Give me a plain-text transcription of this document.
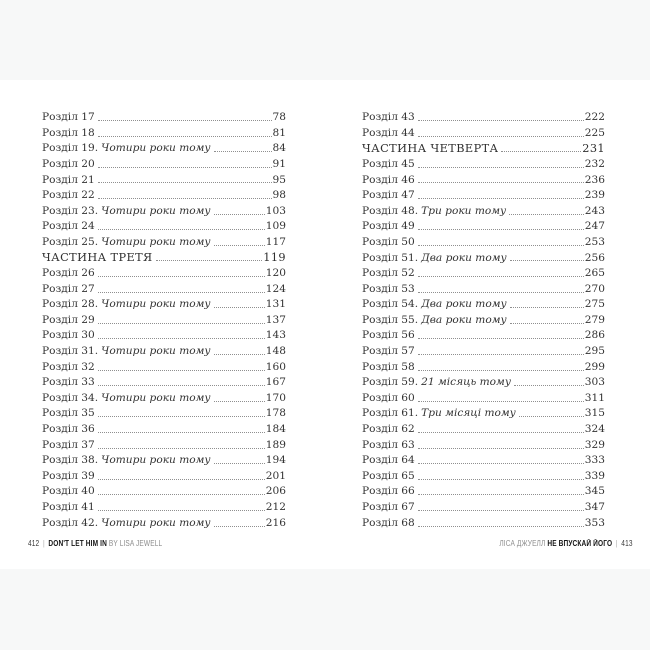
Розділ 17	78
Розділ 18	81
Розділ 19. Чотири роки тому	84
Розділ 20	91
Розділ 21	95
Розділ 22	98
Розділ 23. Чотири роки тому	103
Розділ 24	109
Розділ 25. Чотири роки тому	117
ЧАСТИНА ТРЕТЯ	119
Розділ 26	120
Розділ 27	124
Розділ 28. Чотири роки тому	131
Розділ 29	137
Розділ 30	143
Розділ 31. Чотири роки тому	148
Розділ 32	160
Розділ 33	167
Розділ 34. Чотири роки тому	170
Розділ 35	178
Розділ 36	184
Розділ 37	189
Розділ 38. Чотири роки тому	194
Розділ 39	201
Розділ 40	206
Розділ 41	212
Розділ 42. Чотири роки тому	216
Розділ 43	222
Розділ 44	225
ЧАСТИНА ЧЕТВЕРТА	231
Розділ 45	232
Розділ 46	236
Розділ 47	239
Розділ 48. Три роки тому	243
Розділ 49	247
Розділ 50	253
Розділ 51. Два роки тому	256
Розділ 52	265
Розділ 53	270
Розділ 54. Два роки тому	275
Розділ 55. Два роки тому	279
Розділ 56	286
Розділ 57	295
Розділ 58	299
Розділ 59. 21 місяць тому	303
Розділ 60	311
Розділ 61. Три місяці тому	315
Розділ 62	324
Розділ 63	329
Розділ 64	333
Розділ 65	339
Розділ 66	345
Розділ 67	347
Розділ 68	353
412 | DON'T LET HIM IN BY LISA JEWELL	ЛІСА ДЖУЕЛЛ НЕ ВПУСКАЙ ЙОГО | 413
